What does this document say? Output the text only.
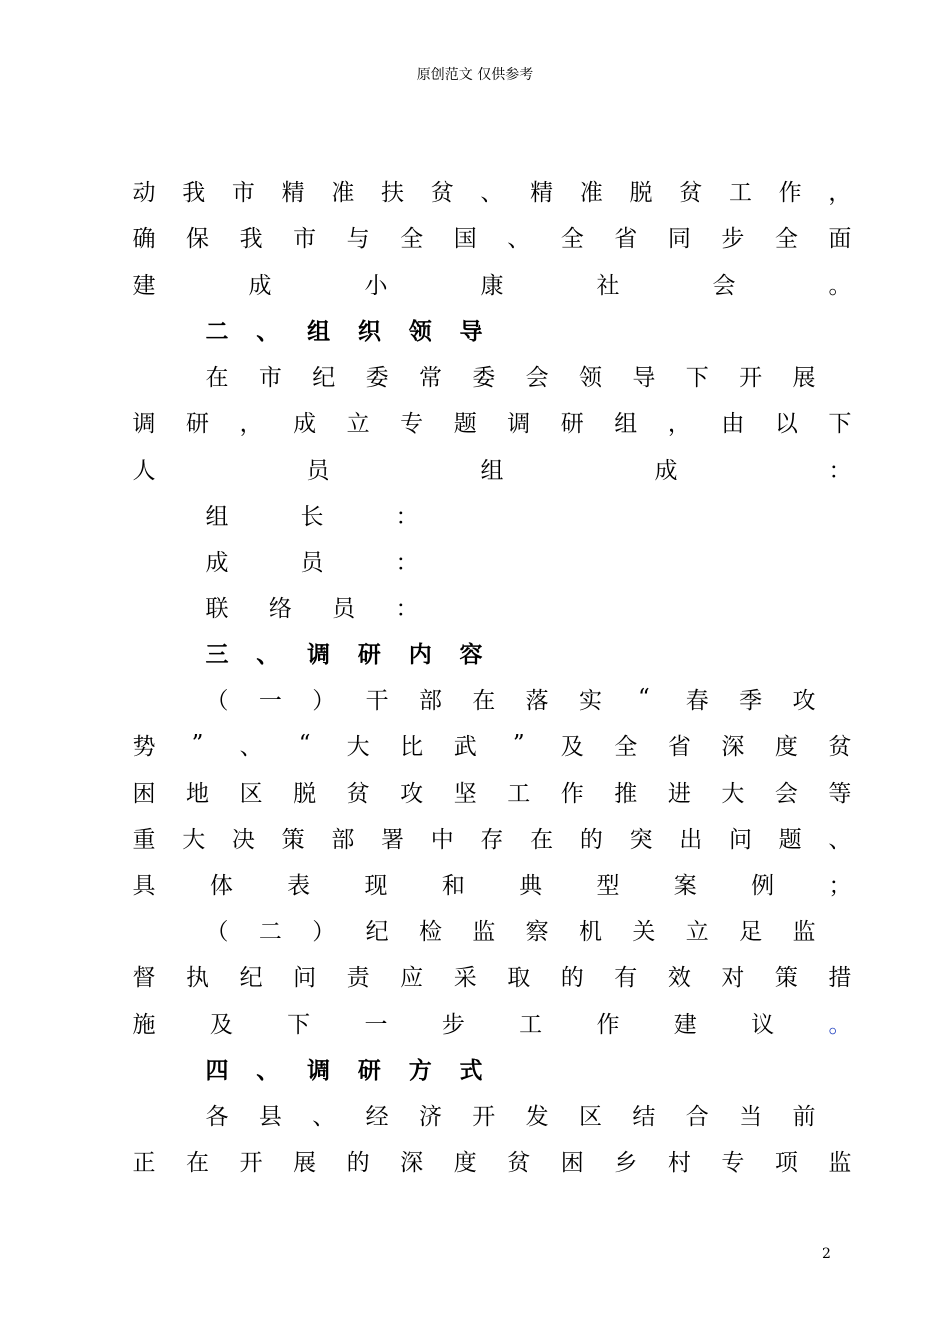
原创范文 仅供参考
动 我 市 精 准 扶 贫 、 精 准 脱 贫 工 作 ，
确 保 我 市 与 全 国 、 全 省 同 步 全 面
建	成	小	康	社	会	。
二 、 组 织 领 导
在 市 纪 委 常 委 会 领 导 下 开 展
调 研 ， 成 立 专 题 调 研 组 ， 由 以 下
人	员	组	成	：
三 、 调 研 内 容
（ 一 ） 干 部 在 落 实 “ 春 季 攻
势 ” 、 “ 大 比 武 ” 及 全 省 深 度 贫
困 地 区 脱 贫 攻 坚 工 作 推 进 大 会 等
重 大 决 策 部 署 中 存 在 的 突 出 问 题 、
具 体 表 现 和 典 型 案 例 ；
（ 二 ） 纪 检 监 察 机 关 立 足 监
督 执 纪 问 责 应 采 取 的 有 效 对 策 措
施 及 下 一 步 工 作 建 议 。
四 、 调 研 方 式
各 县 、 经 济 开 发 区 结 合 当 前
正 在 开 展 的 深 度 贫 困 乡 村 专 项 监
组	长	：
成	员	：
联 络 员 ：
2
